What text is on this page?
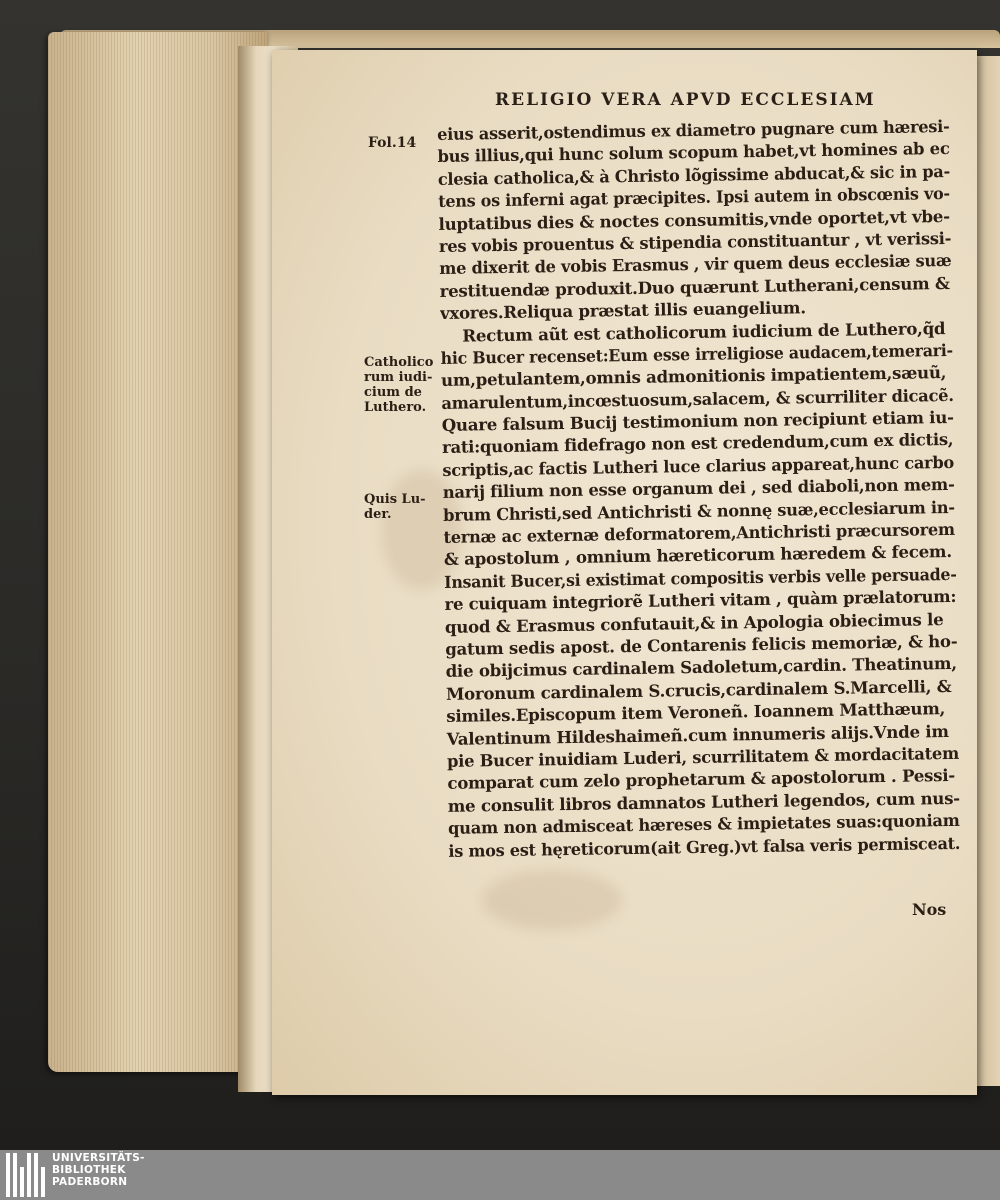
RELIGIO VERA APVD ECCLESIAM
Fol.14
Catholico
rum iudi-
cium de
Luthero.
Quis Lu-
der.
eius asserit,ostendimus ex diametro pugnare cum hæresi-
bus illius,qui hunc solum scopum habet,vt homines ab ec
clesia catholica,& à Christo lõgissime abducat,& sic in pa-
tens os inferni agat præcipites. Ipsi autem in obscœnis vo-
luptatibus dies & noctes consumitis,vnde oportet,vt vbe-
res vobis prouentus & stipendia constituantur , vt verissi-
me dixerit de vobis Erasmus , vir quem deus ecclesiæ suæ
restituendæ produxit.Duo quærunt Lutherani,censum &
vxores.Reliqua præstat illis euangelium.
Rectum aũt est catholicorum iudicium de Luthero,q̃d
hic Bucer recenset:Eum esse irreligiose audacem,temerari-
um,petulantem,omnis admonitionis impatientem,sæuũ,
amarulentum,incœstuosum,salacem, & scurriliter dicacẽ.
Quare falsum Bucij testimonium non recipiunt etiam iu-
rati:quoniam fidefrago non est credendum,cum ex dictis,
scriptis,ac factis Lutheri luce clarius appareat,hunc carbo
narij filium non esse organum dei , sed diaboli,non mem-
brum Christi,sed Antichristi & nonnę suæ,ecclesiarum in-
ternæ ac externæ deformatorem,Antichristi præcursorem
& apostolum , omnium hæreticorum hæredem & fecem.
Insanit Bucer,si existimat compositis verbis velle persuade-
re cuiquam integriorẽ Lutheri vitam , quàm prælatorum:
quod & Erasmus confutauit,& in Apologia obiecimus le
gatum sedis apost. de Contarenis felicis memoriæ, & ho-
die obijcimus cardinalem Sadoletum,cardin. Theatinum,
Moronum cardinalem S.crucis,cardinalem S.Marcelli, &
similes.Episcopum item Veroneñ. Ioannem Matthæum,
Valentinum Hildeshaimeñ.cum innumeris alijs.Vnde im
pie Bucer inuidiam Luderi, scurrilitatem & mordacitatem
comparat cum zelo prophetarum & apostolorum . Pessi-
me consulit libros damnatos Lutheri legendos, cum nus-
quam non admisceat hæreses & impietates suas:quoniam
is mos est hęreticorum(ait Greg.)vt falsa veris permisceat.
Nos
UNIVERSITÄTS-
BIBLIOTHEK
PADERBORN
